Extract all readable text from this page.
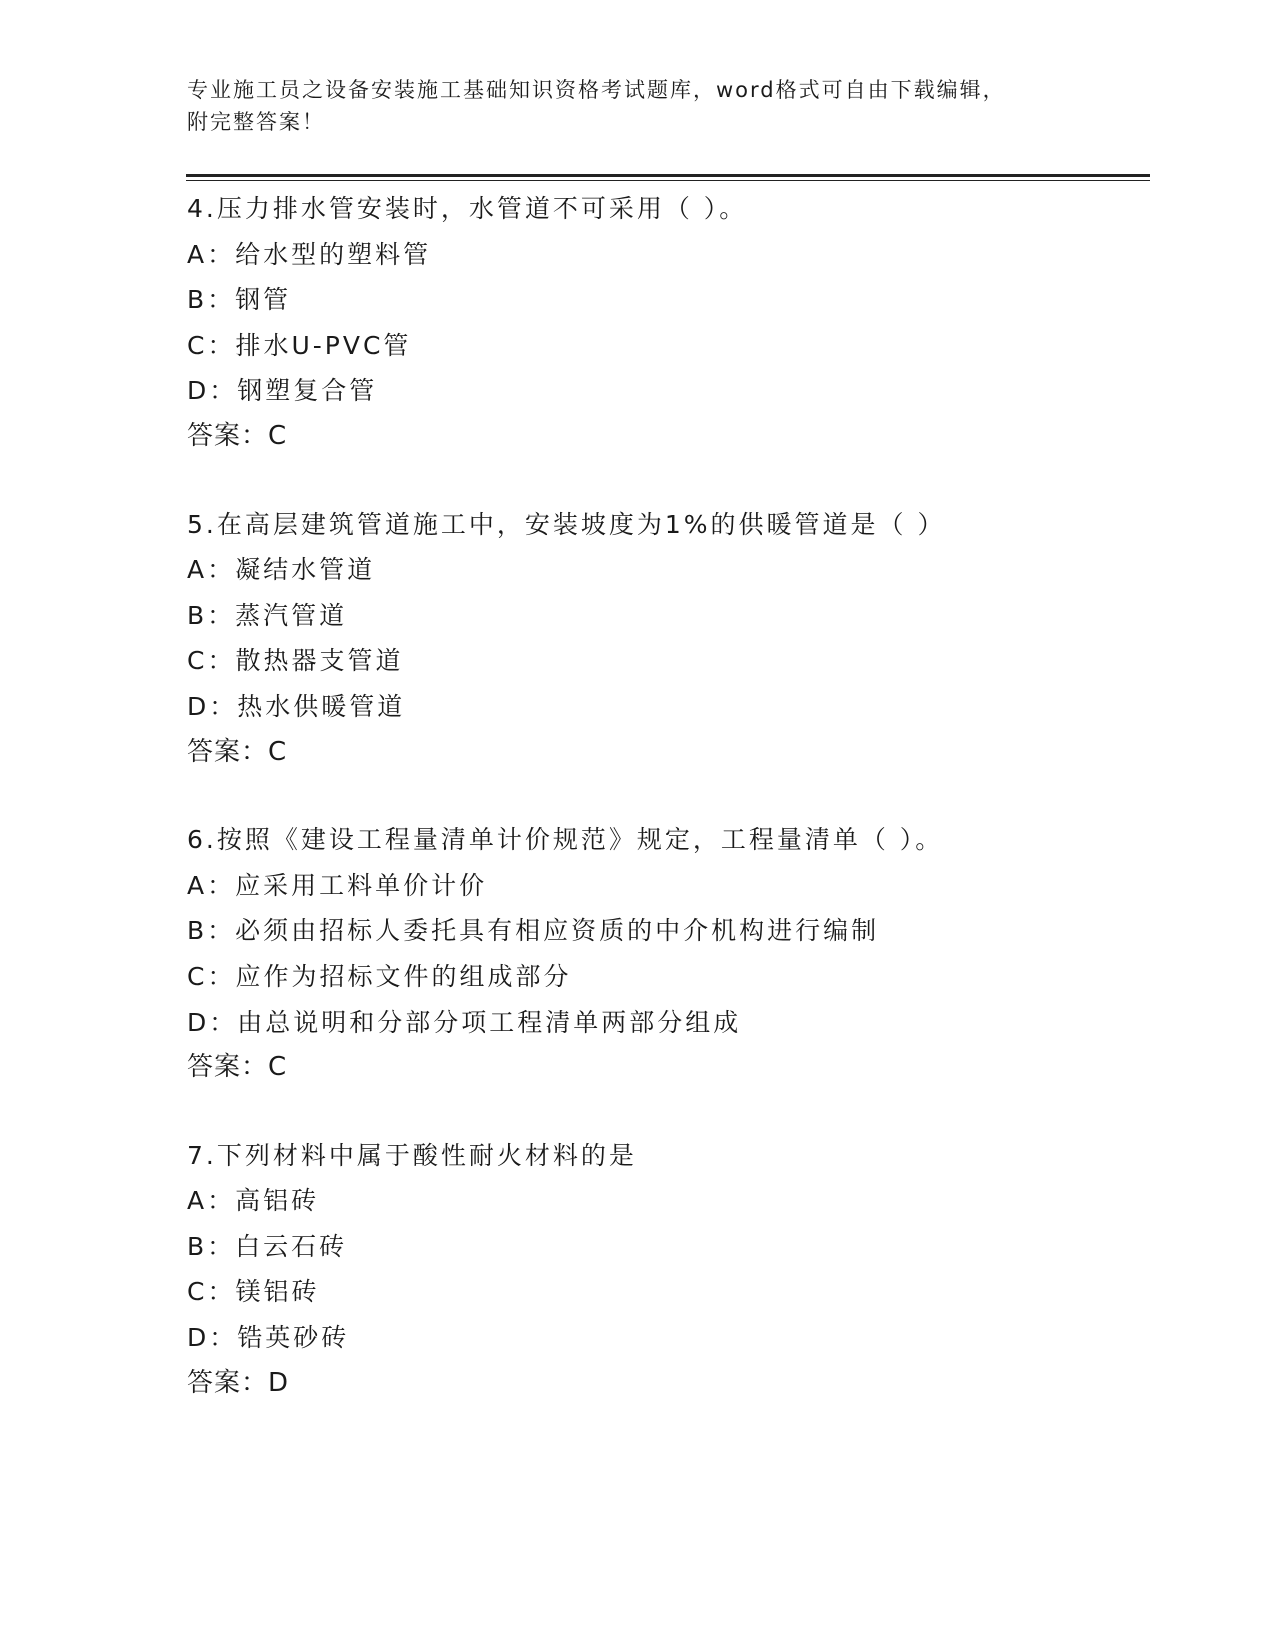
专业施工员之设备安装施工基础知识资格考试题库，word格式可自由下载编辑，

附完整答案！

4.压力排水管安装时，水管道不可采用（ ）。
A：给水型的塑料管
B：钢管
C：排水U-PVC管
D：钢塑复合管
答案：C
5.在高层建筑管道施工中，安装坡度为1%的供暖管道是（ ）
A：凝结水管道
B：蒸汽管道
C：散热器支管道
D：热水供暖管道
答案：C
6.按照《建设工程量清单计价规范》规定，工程量清单（ ）。
A：应采用工料单价计价
B：必须由招标人委托具有相应资质的中介机构进行编制
C：应作为招标文件的组成部分
D：由总说明和分部分项工程清单两部分组成
答案：C
7.下列材料中属于酸性耐火材料的是
A：高铝砖
B：白云石砖
C：镁铝砖
D：锆英砂砖
答案：D
